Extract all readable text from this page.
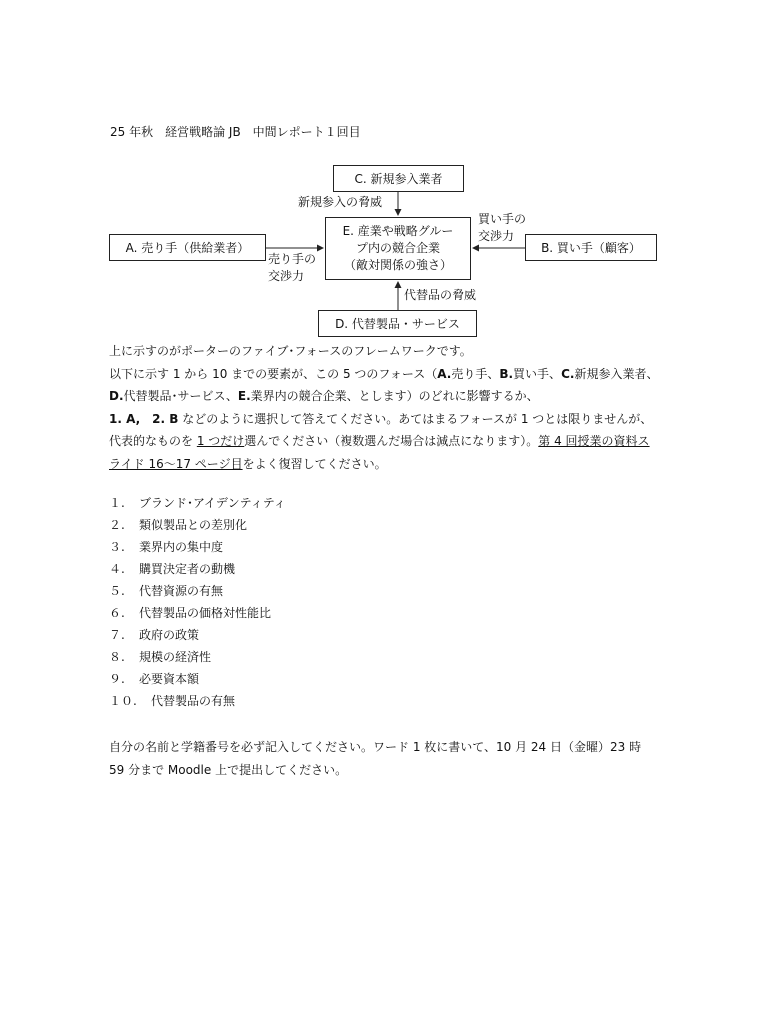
25 年秋　経営戦略論 JB　中間レポート１回目
C. 新規参入業者
E. 産業や戦略グルー
プ内の競合企業
（敵対関係の強さ）
A. 売り手（供給業者）	B. 買い手（顧客）
D. 代替製品・サービス
新規参入の脅威
買い手の
交渉力
売り手の
交渉力
代替品の脅威
上に示すのがポーターのファイブ･フォースのフレームワークです。
以下に示す 1 から 10 までの要素が、この 5 つのフォース（A.売り手、B.買い手、C.新規参入業者、D.代替製品･サービス、E.業界内の競合企業、とします）のどれに影響するか、
1. A,　 2. B などのように選択して答えてください。あてはまるフォースが 1 つとは限りませんが、代表的なものを 1 つだけ選んでください（複数選んだ場合は減点になります）。第 4 回授業の資料スライド 16～17 ページ目をよく復習してください。
１. ブランド･アイデンティティ
２. 類似製品との差別化
３. 業界内の集中度
４. 購買決定者の動機
５. 代替資源の有無
６. 代替製品の価格対性能比
７. 政府の政策
８. 規模の経済性
９. 必要資本額
１０.　代替製品の有無
自分の名前と学籍番号を必ず記入してください。ワード 1 枚に書いて、10 月 24 日（金曜）23 時 59 分まで Moodle 上で提出してください。
